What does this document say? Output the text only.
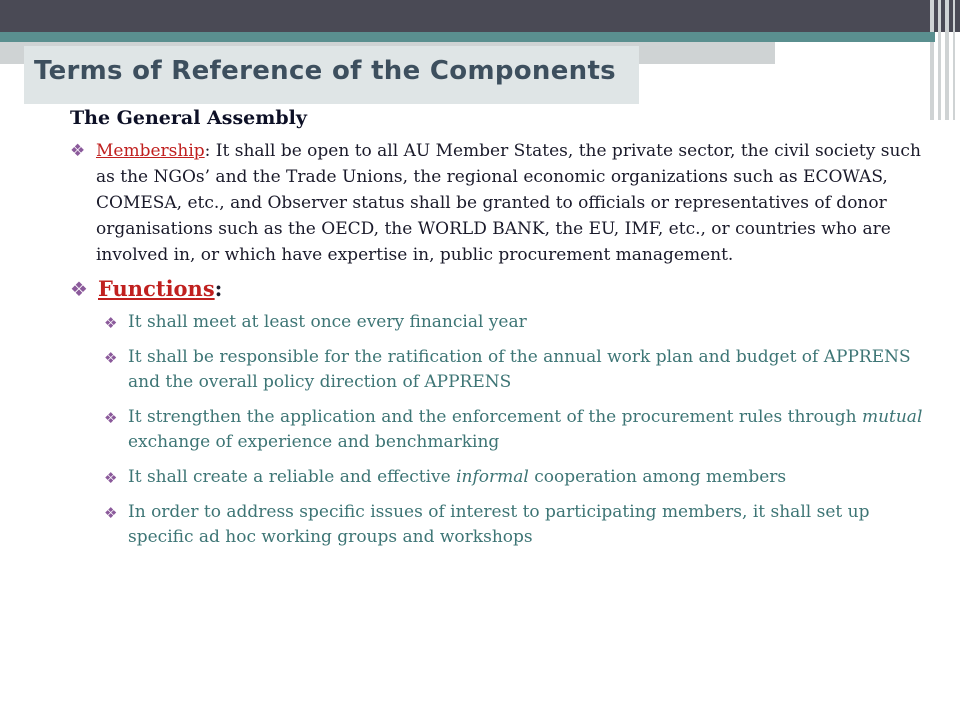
Terms of Reference of the Components

The General Assembly

❖ Membership: It shall be open to all AU Member States, the private sector, the civil society such as the NGOs’ and the Trade Unions, the regional economic organizations such as ECOWAS, COMESA, etc., and Observer status shall be granted to officials or representatives of donor organisations such as the OECD, the WORLD BANK, the EU, IMF, etc., or countries who are involved in, or which have expertise in, public procurement management.
❖ Functions:
❖ It shall meet at least once every financial year
❖ It shall be responsible for the ratification of the annual work plan and budget of APPRENS and the overall policy direction of APPRENS
❖ It strengthen the application and the enforcement of the procurement rules through mutual exchange of experience and benchmarking
❖ It shall create a reliable and effective informal cooperation among members
❖ In order to address specific issues of interest to participating members, it shall set up specific ad hoc working groups and workshops
